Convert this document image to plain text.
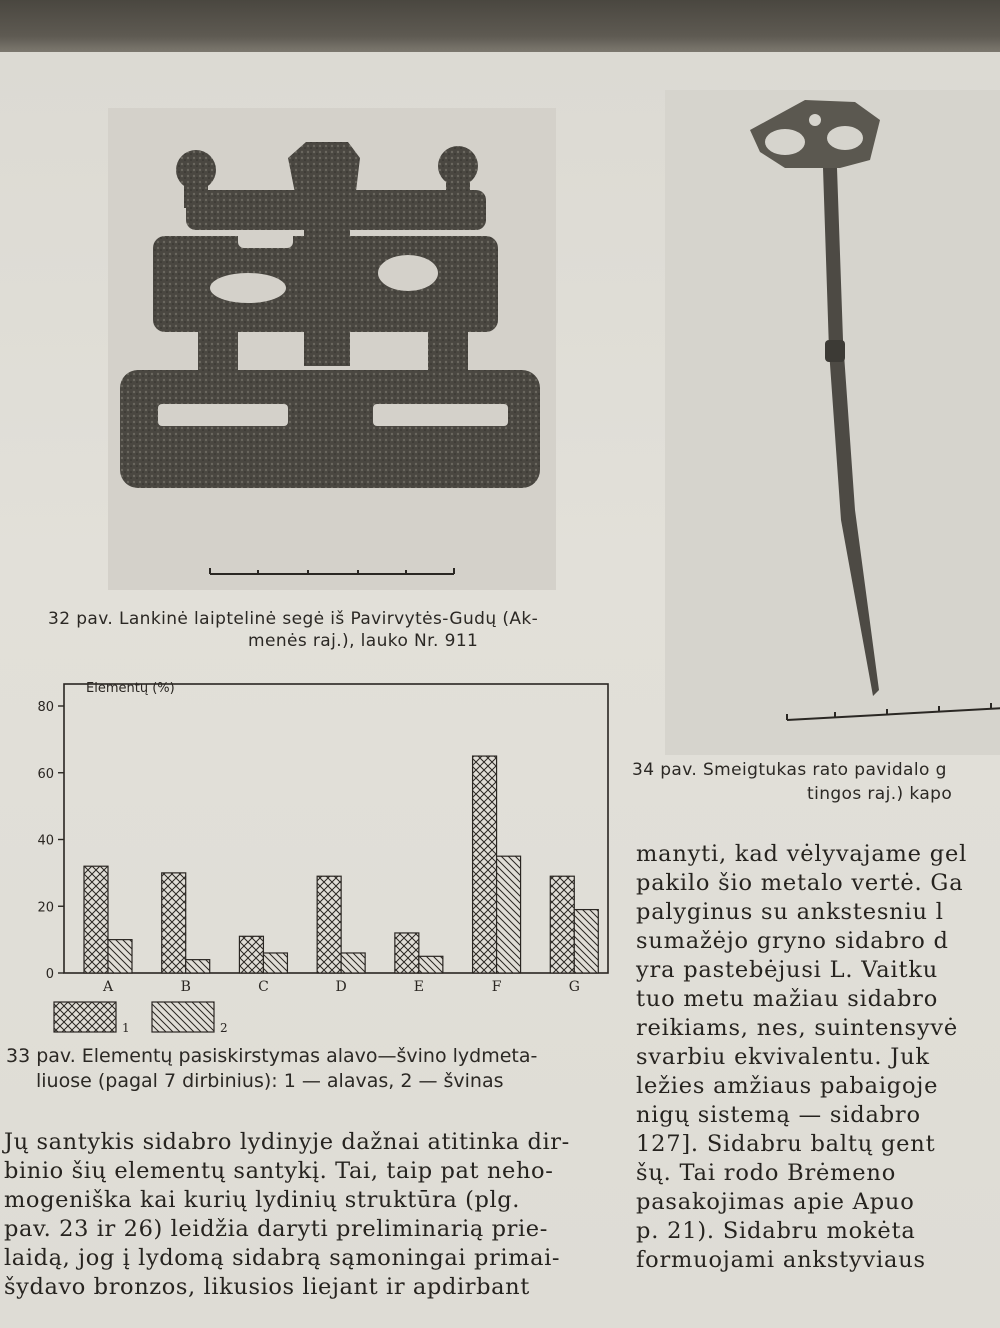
32 pav. Lankinė laiptelinė segė iš Pavirvytės-Gudų (Ak-
menės raj.), lauko Nr. 911
34 pav. Smeigtukas rato pavidalo g
tingos raj.) kapo
0
20
40
60
80
Elementų (%)
A	B	C	D	E	F	G
1	2
33 pav. Elementų pasiskirstymas alavo—švino lydmeta-
liuose (pagal 7 dirbinius): 1 — alavas, 2 — švinas
Jų santykis sidabro lydinyje dažnai atitinka dir-
binio šių elementų santykį. Tai, taip pat neho-
mogeniška kai kurių lydinių struktūra (plg.
pav. 23 ir 26) leidžia daryti preliminarią prie-
laidą, jog į lydomą sidabrą sąmoningai primai-
šydavo bronzos, likusios liejant ir apdirbant
manyti, kad vėlyvajame gel
pakilo šio metalo vertė. Ga
palyginus su ankstesniu l
sumažėjo gryno sidabro d
yra pastebėjusi L. Vaitku
tuo metu mažiau sidabro
reikiams, nes, suintensyvė
svarbiu ekvivalentu. Juk
ležies amžiaus pabaigoje
nigų sistemą — sidabro
127]. Sidabru baltų gent
šų. Tai rodo Brėmeno
pasakojimas apie Apuo
p. 21). Sidabru mokėta
formuojami ankstyviaus
